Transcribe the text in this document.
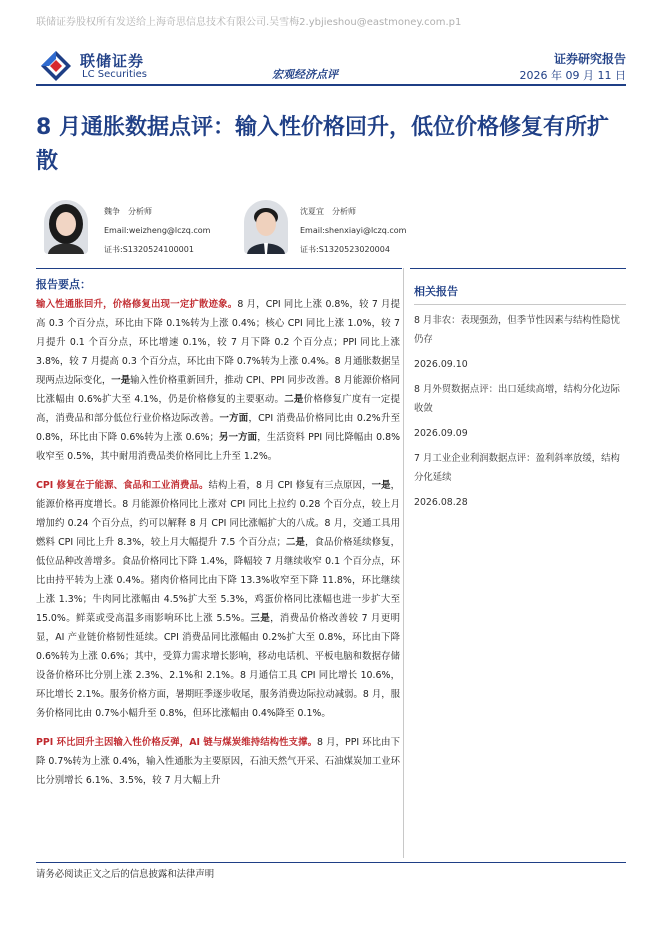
联储证券股权所有发送给上海奇思信息技术有限公司.吴雪梅2.ybjieshou@eastmoney.com.p1
联储证券
LC Securities	宏观经济点评
证券研究报告
2026 年 09 月 11 日
8 月通胀数据点评：输入性价格回升，低位价格修复有所扩散
魏争 分析师
Email:weizheng@lczq.com
证书:S1320524100001
沈夏宜 分析师
Email:shenxiayi@lczq.com
证书:S1320523020004
报告要点：

输入性通胀回升，价格修复出现一定扩散迹象。8 月，CPI 同比上涨 0.8%，较 7 月提高 0.3 个百分点，环比由下降 0.1%转为上涨 0.4%；核心 CPI 同比上涨 1.0%，较 7 月提升 0.1 个百分点，环比增速 0.1%，较 7 月下降 0.2 个百分点；PPI 同比上涨 3.8%，较 7 月提高 0.3 个百分点，环比由下降 0.7%转为上涨 0.4%。8 月通胀数据呈现两点边际变化，一是输入性价格重新回升，推动 CPI、PPI 同步改善。8 月能源价格同比涨幅由 0.6%扩大至 4.1%，仍是价格修复的主要驱动。二是价格修复广度有一定提高，消费品和部分低位行业价格边际改善。一方面，CPI 消费品价格同比由 0.2%升至 0.8%，环比由下降 0.6%转为上涨 0.6%；另一方面，生活资料 PPI 同比降幅由 0.8%收窄至 0.5%，其中耐用消费品类价格同比上升至 1.2%。

CPI 修复在于能源、食品和工业消费品。结构上看，8 月 CPI 修复有三点原因，一是，能源价格再度增长。8 月能源价格同比上涨对 CPI 同比上拉约 0.28 个百分点，较上月增加约 0.24 个百分点，约可以解释 8 月 CPI 同比涨幅扩大的八成。8 月，交通工具用燃料 CPI 同比上升 8.3%，较上月大幅提升 7.5 个百分点；二是，食品价格延续修复，低位品种改善增多。食品价格同比下降 1.4%，降幅较 7 月继续收窄 0.1 个百分点，环比由持平转为上涨 0.4%。猪肉价格同比由下降 13.3%收窄至下降 11.8%，环比继续上涨 1.3%；牛肉同比涨幅由 4.5%扩大至 5.3%，鸡蛋价格同比涨幅也进一步扩大至 15.0%。鲜菜或受高温多雨影响环比上涨 5.5%。三是，消费品价格改善较 7 月更明显，AI 产业链价格韧性延续。CPI 消费品同比涨幅由 0.2%扩大至 0.8%，环比由下降 0.6%转为上涨 0.6%；其中，受算力需求增长影响，移动电话机、平板电脑和数据存储设备价格环比分别上涨 2.3%、2.1%和 2.1%。8 月通信工具 CPI 同比增长 10.6%，环比增长 2.1%。服务价格方面，暑期旺季逐步收尾，服务消费边际拉动减弱。8 月，服务价格同比由 0.7%小幅升至 0.8%，但环比涨幅由 0.4%降至 0.1%。

PPI 环比回升主因输入性价格反弹，AI 链与煤炭维持结构性支撑。8 月，PPI 环比由下降 0.7%转为上涨 0.4%，输入性通胀为主要原因，石油天然气开采、石油煤炭加工业环比分别增长 6.1%、3.5%，较 7 月大幅上升

相关报告
8 月非农：表现强劲，但季节性因素与结构性隐忧仍存
2026.09.10
8 月外贸数据点评：出口延续高增，结构分化边际收敛
2026.09.09
7 月工业企业利润数据点评：盈利斜率放缓，结构分化延续
2026.08.28
请务必阅读正文之后的信息披露和法律声明
